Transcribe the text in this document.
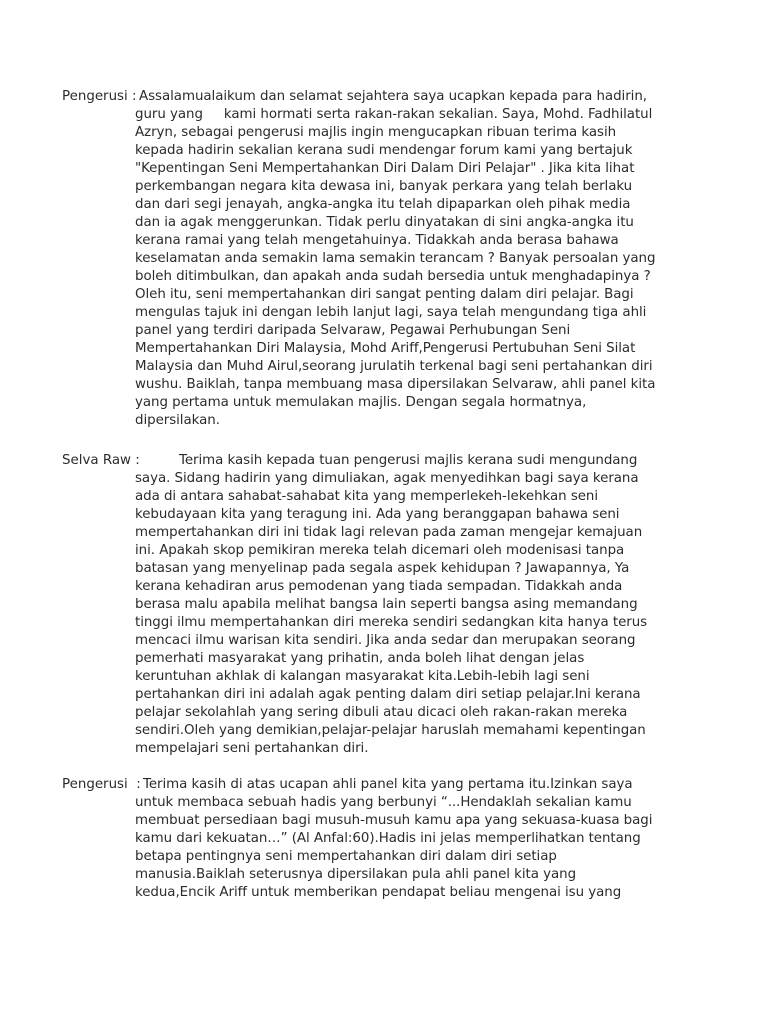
Pengerusi : Assalamualaikum dan selamat sejahtera saya ucapkan kepada para hadirin,
guru yang     kami hormati serta rakan-rakan sekalian. Saya, Mohd. Fadhilatul
Azryn, sebagai pengerusi majlis ingin mengucapkan ribuan terima kasih
kepada hadirin sekalian kerana sudi mendengar forum kami yang bertajuk
"Kepentingan Seni Mempertahankan Diri Dalam Diri Pelajar" . Jika kita lihat
perkembangan negara kita dewasa ini, banyak perkara yang telah berlaku
dan dari segi jenayah, angka-angka itu telah dipaparkan oleh pihak media
dan ia agak menggerunkan. Tidak perlu dinyatakan di sini angka-angka itu
kerana ramai yang telah mengetahuinya. Tidakkah anda berasa bahawa
keselamatan anda semakin lama semakin terancam ? Banyak persoalan yang
boleh ditimbulkan, dan apakah anda sudah bersedia untuk menghadapinya ?
Oleh itu, seni mempertahankan diri sangat penting dalam diri pelajar. Bagi
mengulas tajuk ini dengan lebih lanjut lagi, saya telah mengundang tiga ahli
panel yang terdiri daripada Selvaraw, Pegawai Perhubungan Seni
Mempertahankan Diri Malaysia, Mohd Ariff,Pengerusi Pertubuhan Seni Silat
Malaysia dan Muhd Airul,seorang jurulatih terkenal bagi seni pertahankan diri
wushu. Baiklah, tanpa membuang masa dipersilakan Selvaraw, ahli panel kita
yang pertama untuk memulakan majlis. Dengan segala hormatnya,
dipersilakan.
Selva Raw :	Terima kasih kepada tuan pengerusi majlis kerana sudi mengundang
saya. Sidang hadirin yang dimuliakan, agak menyedihkan bagi saya kerana
ada di antara sahabat-sahabat kita yang memperlekeh-lekehkan seni
kebudayaan kita yang teragung ini. Ada yang beranggapan bahawa seni
mempertahankan diri ini tidak lagi relevan pada zaman mengejar kemajuan
ini. Apakah skop pemikiran mereka telah dicemari oleh modenisasi tanpa
batasan yang menyelinap pada segala aspek kehidupan ? Jawapannya, Ya
kerana kehadiran arus pemodenan yang tiada sempadan. Tidakkah anda
berasa malu apabila melihat bangsa lain seperti bangsa asing memandang
tinggi ilmu mempertahankan diri mereka sendiri sedangkan kita hanya terus
mencaci ilmu warisan kita sendiri. Jika anda sedar dan merupakan seorang
pemerhati masyarakat yang prihatin, anda boleh lihat dengan jelas
keruntuhan akhlak di kalangan masyarakat kita.Lebih-lebih lagi seni
pertahankan diri ini adalah agak penting dalam diri setiap pelajar.Ini kerana
pelajar sekolahlah yang sering dibuli atau dicaci oleh rakan-rakan mereka
sendiri.Oleh yang demikian,pelajar-pelajar haruslah memahami kepentingan
mempelajari seni pertahankan diri.
Pengerusi  : Terima kasih di atas ucapan ahli panel kita yang pertama itu.Izinkan saya
untuk membaca sebuah hadis yang berbunyi “...Hendaklah sekalian kamu
membuat persediaan bagi musuh-musuh kamu apa yang sekuasa-kuasa bagi
kamu dari kekuatan…” (Al Anfal:60).Hadis ini jelas memperlihatkan tentang
betapa pentingnya seni mempertahankan diri dalam diri setiap
manusia.Baiklah seterusnya dipersilakan pula ahli panel kita yang
kedua,Encik Ariff untuk memberikan pendapat beliau mengenai isu yang
